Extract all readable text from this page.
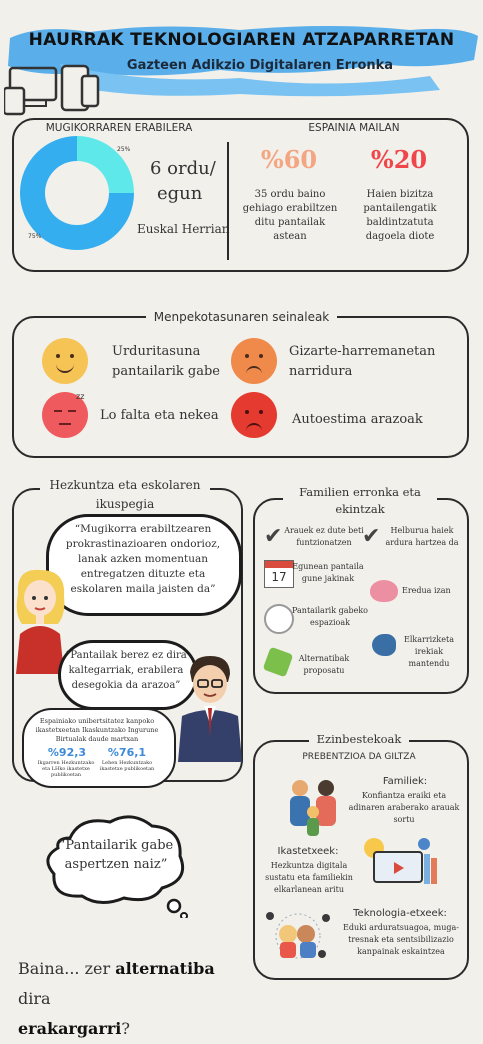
HAURRAK TEKNOLOGIAREN ATZAPARRETAN
Gazteen Adikzio Digitalaren Erronka
MUGIKORRAREN ERABILERA	ESPAINIA MAILAN
25%
75%
6 ordu/
egun
Euskal Herrian
%60
35 ordu baino
gehiago erabiltzen
ditu pantailak
astean
%20
Haien bizitza
pantailengatik
baldintzatuta
dagoela diote
Menpekotasunaren seinaleak
Urduritasuna
pantailarik gabe
Gizarte-harremanetan
narridura
zz
Lo falta eta nekea	Autoestima arazoak
Hezkuntza eta eskolaren
ikuspegia
“Mugikorra erabiltzearen prokrastinazioaren ondorioz, lanak azken momentuan entregatzen dituzte eta eskolaren maila jaisten da”
“Pantailak berez ez dira kaltegarriak, erabilera desegokia da arazoa”
Espainiako unibertsitatez kanpoko ikastetxeetan Ikaskuntzako Ingurune Birtualak daude martxan
%92,3
Ikgarren Hezkuntzako eta LHko ikastetxe publikoetan
%76,1
Lehen Hezkuntzako ikastetxe publikoetan
Familien erronka eta
ekintzak
✔ Arauek ez dute beti funtzionatzen ✔	Helburua haiek ardura hartzea da
17
Egunean pantaila gune jakinak
Eredua izan
Pantailarik gabeko espazioak
Elkarrizketa irekiak mantendu
Alternatibak proposatu
Ezinbestekoak
PREBENTZIOA DA GILTZA
Familiek:
Konfiantza eraiki eta adinaren araberako arauak sortu
Ikastetxeek:
Hezkuntza digitala sustatu eta familiekin elkarlanean aritu
Teknologia-etxeek:
Eduki arduratsuagoa, muga-tresnak eta sentsibilizazio kanpainak eskaintzea
“Pantailarik gabe aspertzen naiz”
Baina... zer alternatiba dira
erakargarri?
